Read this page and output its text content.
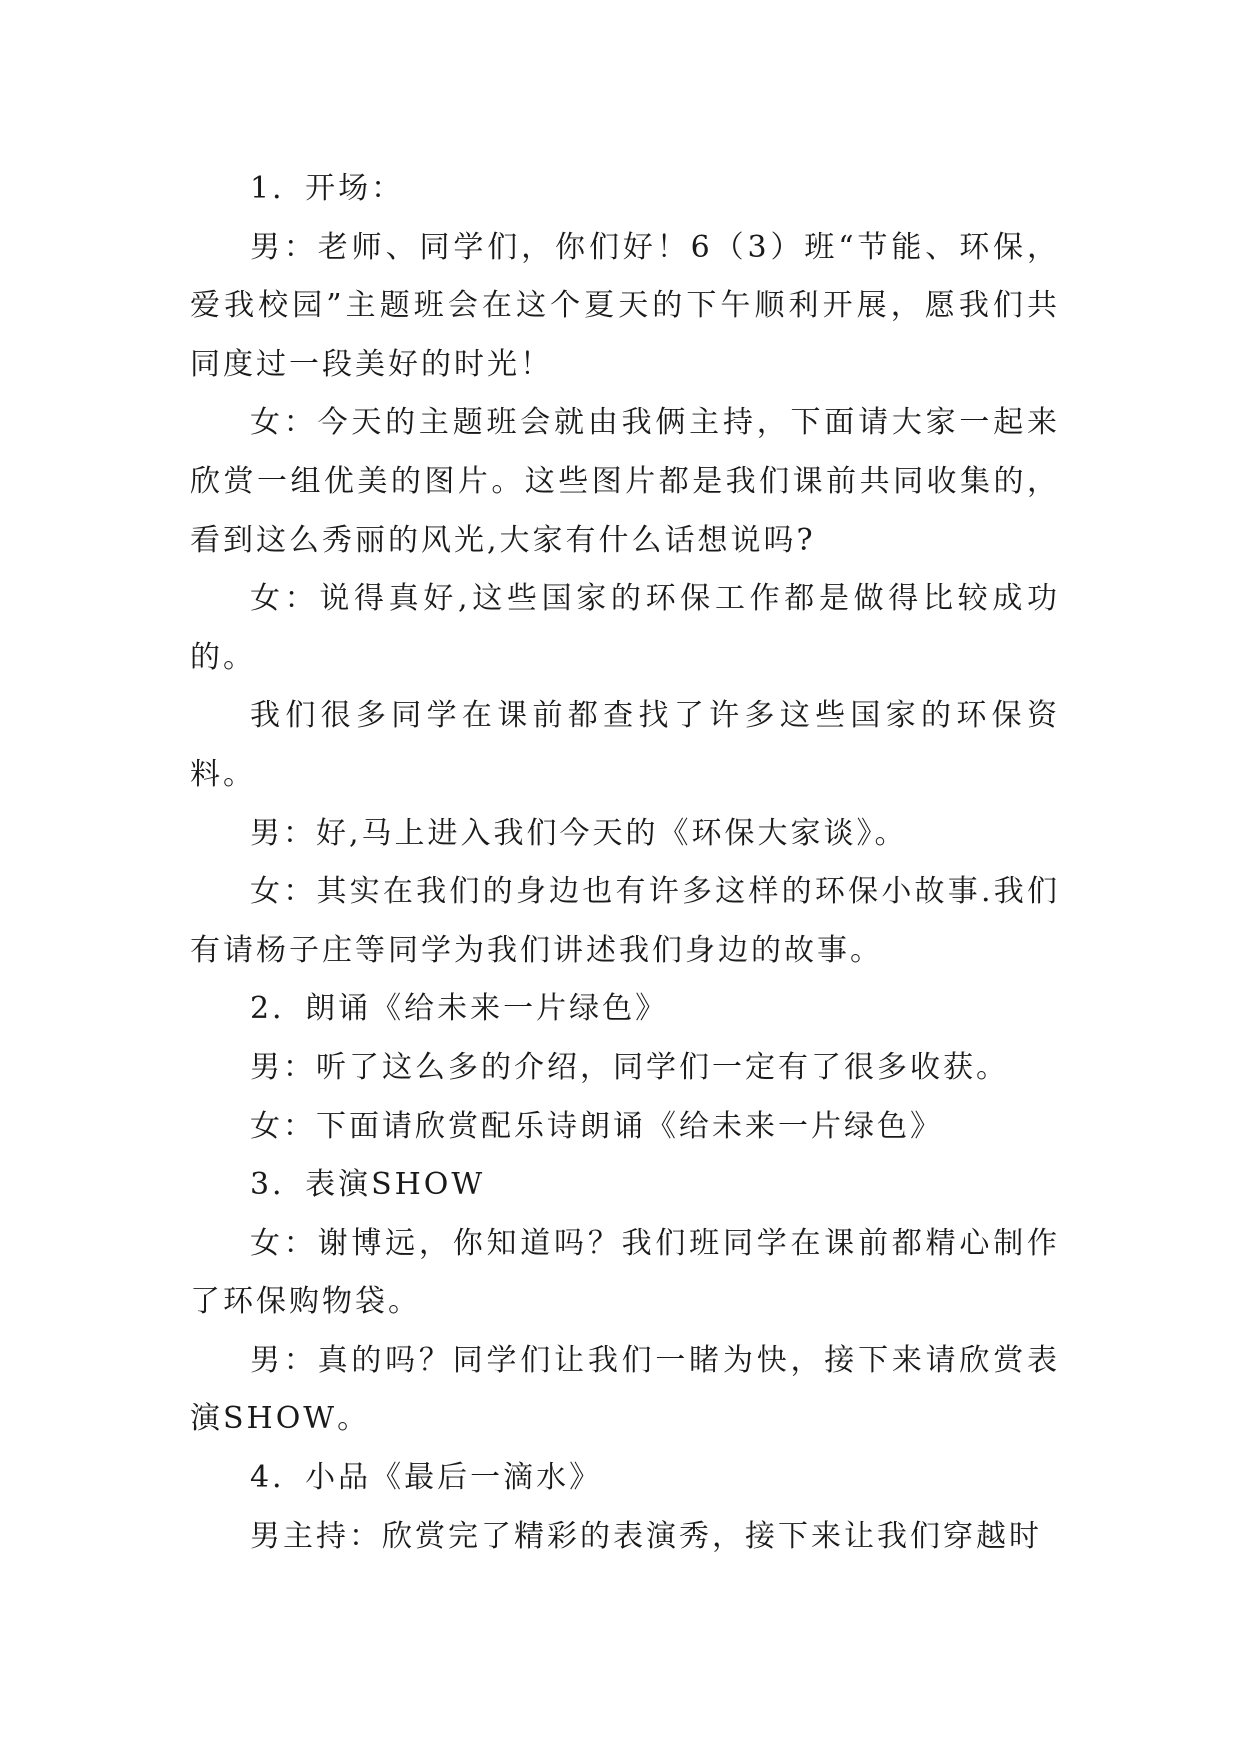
1．开场：

男：老师、同学们，你们好！6（3）班“节能、环保，爱我校园”主题班会在这个夏天的下午顺利开展，愿我们共同度过一段美好的时光！

女：今天的主题班会就由我俩主持，下面请大家一起来欣赏一组优美的图片。这些图片都是我们课前共同收集的，看到这么秀丽的风光,大家有什么话想说吗?

女：说得真好,这些国家的环保工作都是做得比较成功的。

我们很多同学在课前都查找了许多这些国家的环保资料。

男：好,马上进入我们今天的《环保大家谈》。

女：其实在我们的身边也有许多这样的环保小故事.我们有请杨子庄等同学为我们讲述我们身边的故事。

2．朗诵《给未来一片绿色》

男：听了这么多的介绍，同学们一定有了很多收获。

女：下面请欣赏配乐诗朗诵《给未来一片绿色》

3．表演SHOW

女：谢博远，你知道吗？我们班同学在课前都精心制作了环保购物袋。

男：真的吗？同学们让我们一睹为快，接下来请欣赏表演SHOW。

4．小品《最后一滴水》

男主持：欣赏完了精彩的表演秀，接下来让我们穿越时
